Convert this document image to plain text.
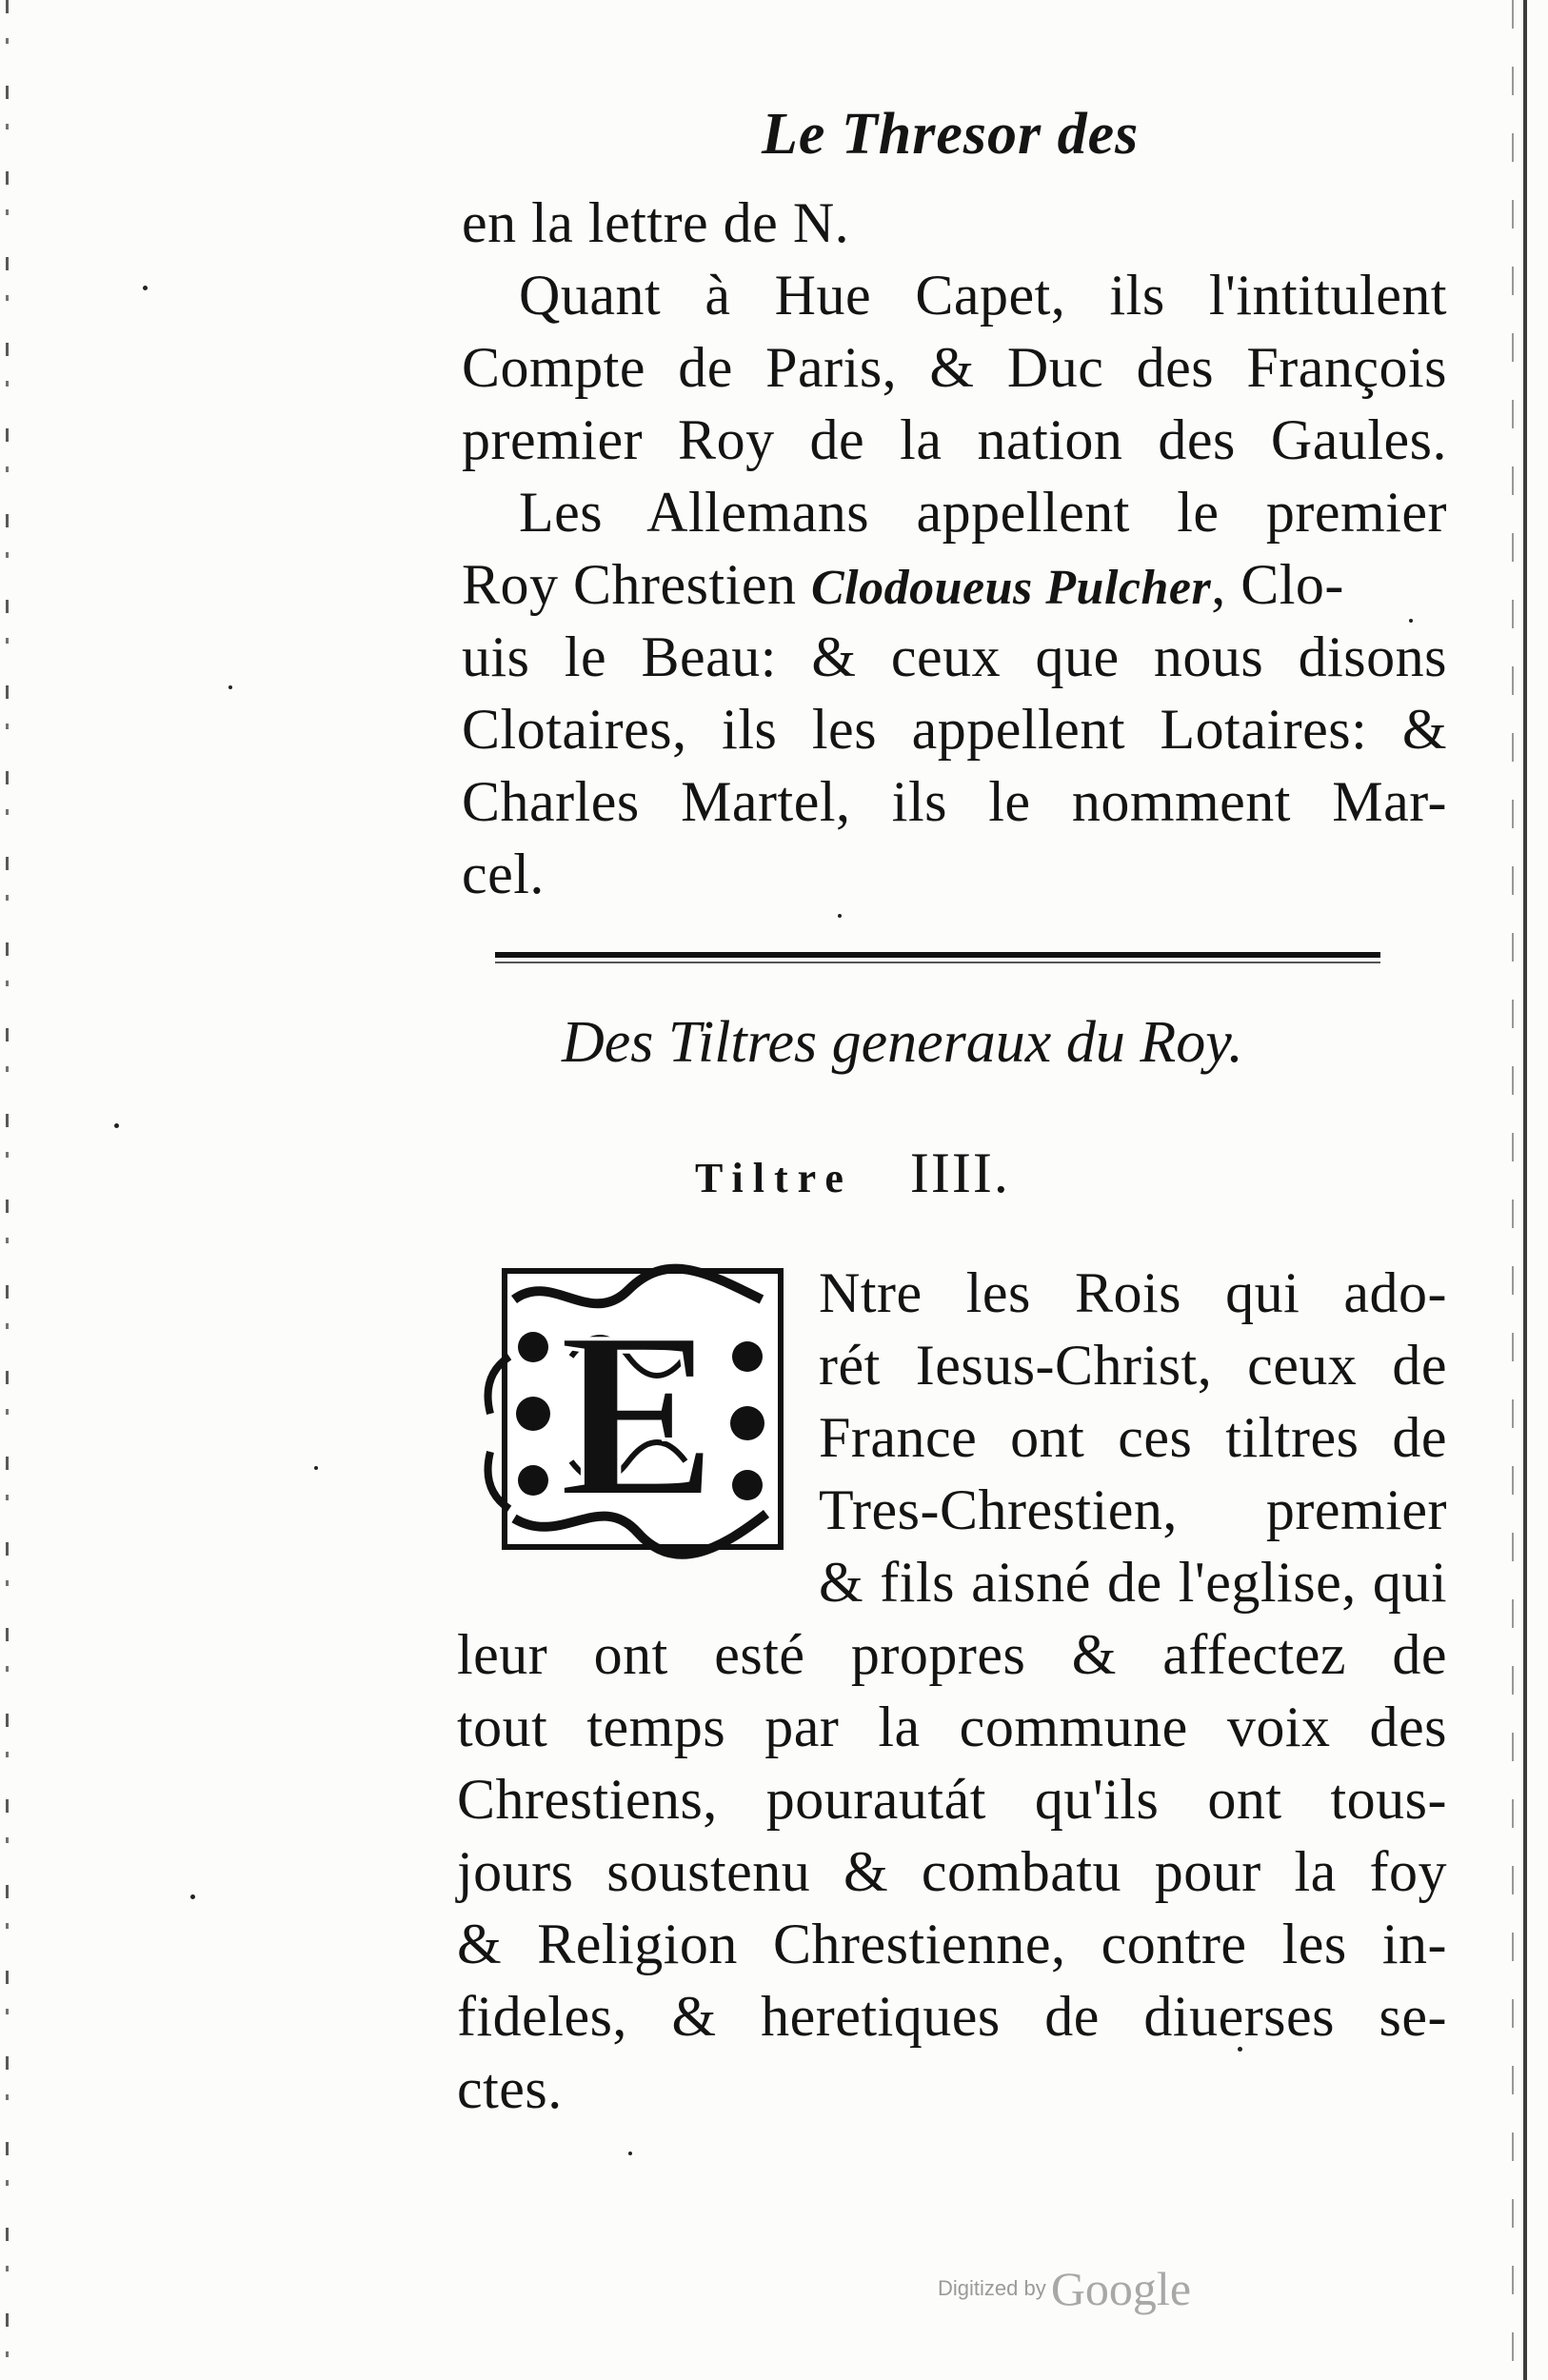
Le Thresor des
en la lettre de N.
Quant à Hue Capet, ils l'intitulent
Compte de Paris, & Duc des François
premier Roy de la nation des Gaules.
Les Allemans appellent le premier
Roy Chrestien Clodoueus Pulcher, Clo-
uis le Beau: & ceux que nous disons
Clotaires, ils les appellent Lotaires: &
Charles Martel, ils le nomment Mar-
cel.
Des Tiltres generaux du Roy.
Tiltre IIII.
E Ntre les Rois qui ado-
rét Iesus-Christ, ceux de
France ont ces tiltres de
Tres-Chrestien, premier
& fils aisné de l'eglise, qui
leur ont esté propres & affectez de
tout temps par la commune voix des
Chrestiens, pourautát qu'ils ont tous-
jours soustenu & combatu pour la foy
& Religion Chrestienne, contre les in-
fideles, & heretiques de diuerses se-
ctes.
Digitized by Google
